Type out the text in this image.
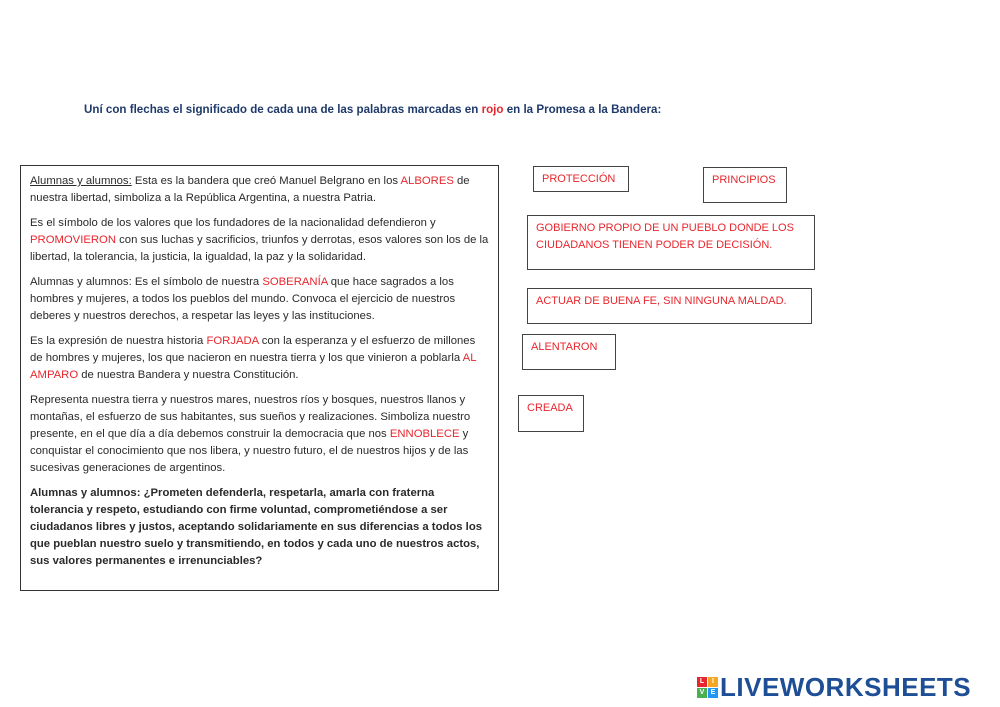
Uní con flechas el significado de cada una de las palabras marcadas en rojo en la Promesa a la Bandera:

Alumnas y alumnos: Esta es la bandera que creó Manuel Belgrano en los ALBORES de nuestra libertad, simboliza a la República Argentina, a nuestra Patria.

Es el símbolo de los valores que los fundadores de la nacionalidad defendieron y PROMOVIERON con sus luchas y sacrificios, triunfos y derrotas, esos valores son los de la libertad, la tolerancia, la justicia, la igualdad, la paz y la solidaridad.

Alumnas y alumnos: Es el símbolo de nuestra SOBERANÍA que hace sagrados a los hombres y mujeres, a todos los pueblos del mundo. Convoca el ejercicio de nuestros deberes y nuestros derechos, a respetar las leyes y las instituciones.

Es la expresión de nuestra historia FORJADA con la esperanza y el esfuerzo de millones de hombres y mujeres, los que nacieron en nuestra tierra y los que vinieron a poblarla AL AMPARO de nuestra Bandera y nuestra Constitución.

Representa nuestra tierra y nuestros mares, nuestros ríos y bosques, nuestros llanos y montañas, el esfuerzo de sus habitantes, sus sueños y realizaciones. Simboliza nuestro presente, en el que día a día debemos construir la democracia que nos ENNOBLECE y conquistar el conocimiento que nos libera, y nuestro futuro, el de nuestros hijos y de las sucesivas generaciones de argentinos.

Alumnas y alumnos: ¿Prometen defenderla, respetarla, amarla con fraterna tolerancia y respeto, estudiando con firme voluntad, comprometiéndose a ser ciudadanos libres y justos, aceptando solidariamente en sus diferencias a todos los que pueblan nuestro suelo y transmitiendo, en todos y cada uno de nuestros actos, sus valores permanentes e irrenunciables?

PROTECCIÓN	PRINCIPIOS
GOBIERNO PROPIO DE UN PUEBLO DONDE LOS CIUDADANOS TIENEN PODER DE DECISIÓN.
ACTUAR DE BUENA FE, SIN NINGUNA MALDAD.
ALENTARON
CREADA
L	I
V E LIVEWORKSHEETS
